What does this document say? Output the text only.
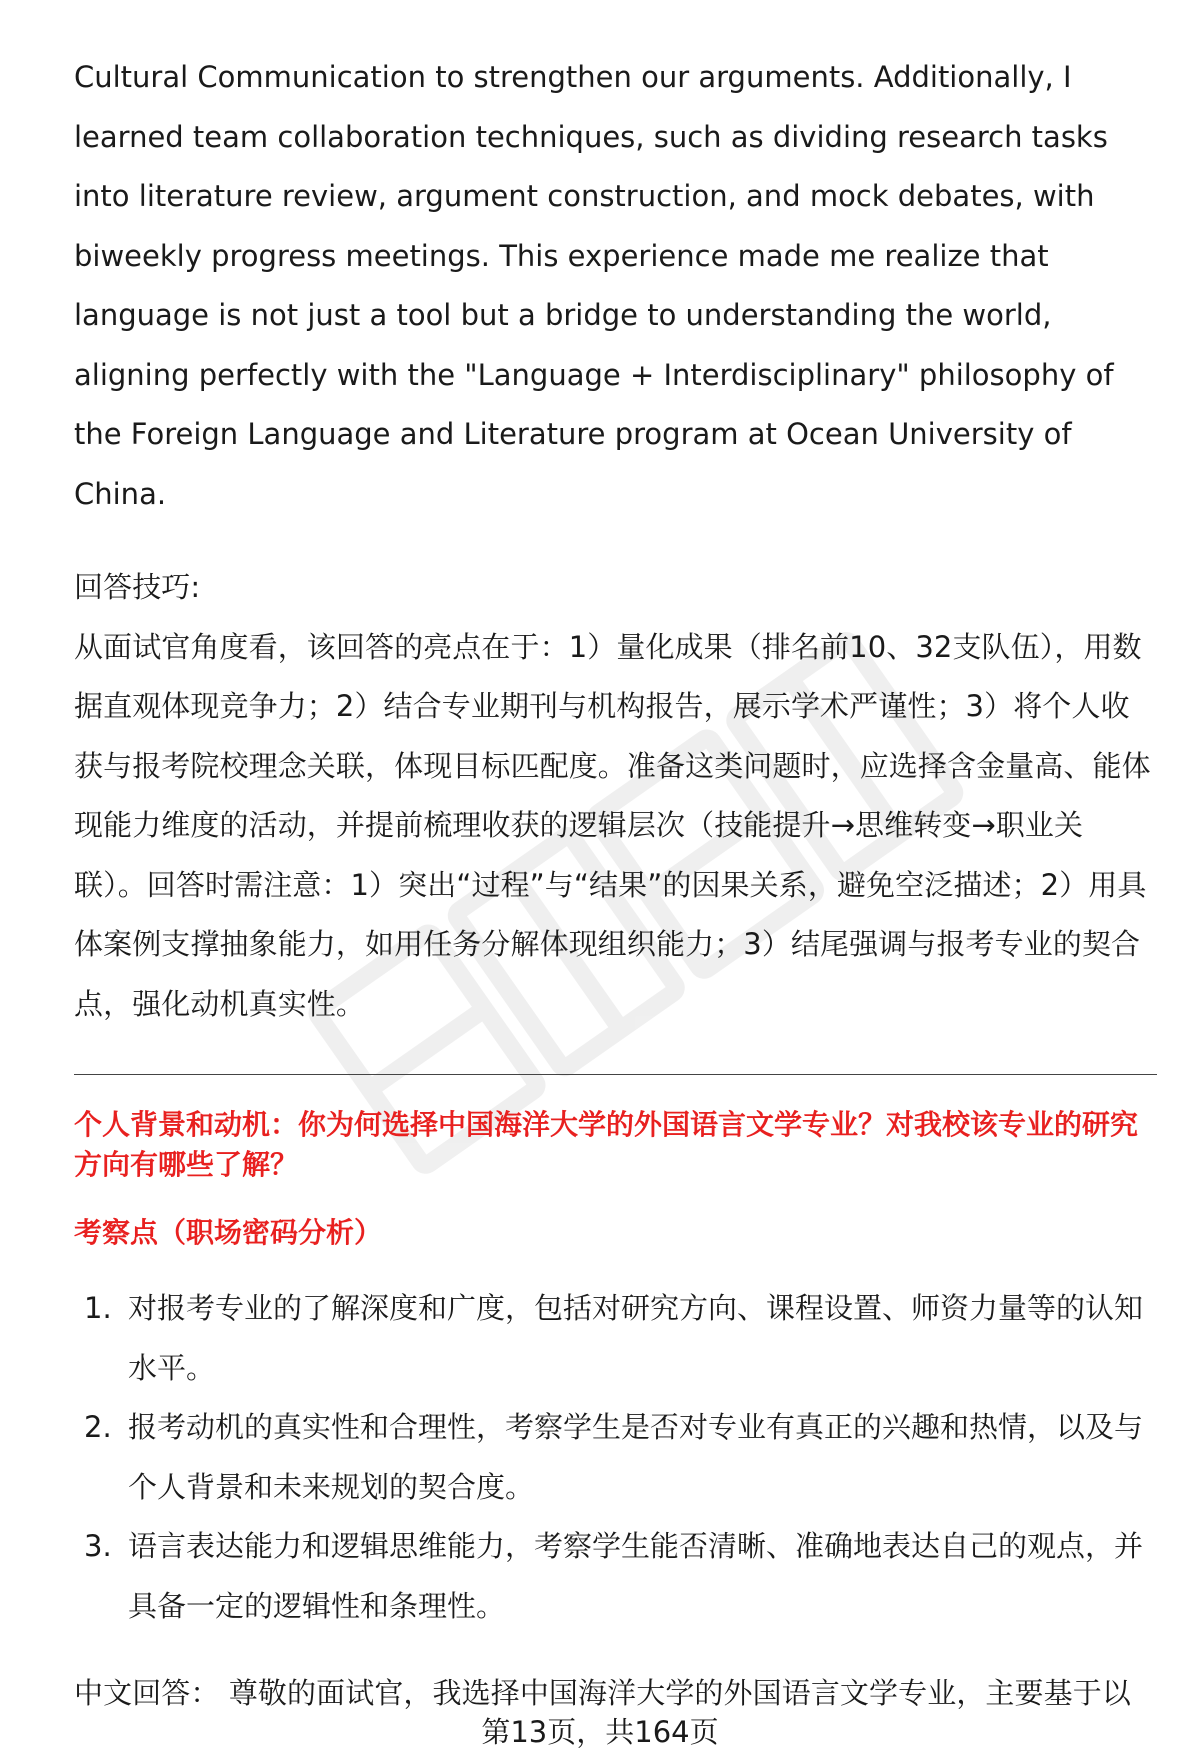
Cultural Communication to strengthen our arguments. Additionally, I learned team collaboration techniques, such as dividing research tasks into literature review, argument construction, and mock debates, with biweekly progress meetings. This experience made me realize that language is not just a tool but a bridge to understanding the world, aligning perfectly with the "Language + Interdisciplinary" philosophy of the Foreign Language and Literature program at Ocean University of China.

回答技巧:

从面试官角度看，该回答的亮点在于：1）量化成果（排名前10、32支队伍），用数据直观体现竞争力；2）结合专业期刊与机构报告，展示学术严谨性；3）将个人收获与报考院校理念关联，体现目标匹配度。准备这类问题时，应选择含金量高、能体现能力维度的活动，并提前梳理收获的逻辑层次（技能提升→思维转变→职业关联）。回答时需注意：1）突出“过程”与“结果”的因果关系，避免空泛描述；2）用具体案例支撑抽象能力，如用任务分解体现组织能力；3）结尾强调与报考专业的契合点，强化动机真实性。

个人背景和动机：你为何选择中国海洋大学的外国语言文学专业？对我校该专业的研究方向有哪些了解？

考察点（职场密码分析）

1. 对报考专业的了解深度和广度，包括对研究方向、课程设置、师资力量等的认知水平。
2. 报考动机的真实性和合理性，考察学生是否对专业有真正的兴趣和热情，以及与个人背景和未来规划的契合度。
3. 语言表达能力和逻辑思维能力，考察学生能否清晰、准确地表达自己的观点，并具备一定的逻辑性和条理性。

中文回答： 尊敬的面试官，我选择中国海洋大学的外国语言文学专业，主要基于以

第13页，共164页
